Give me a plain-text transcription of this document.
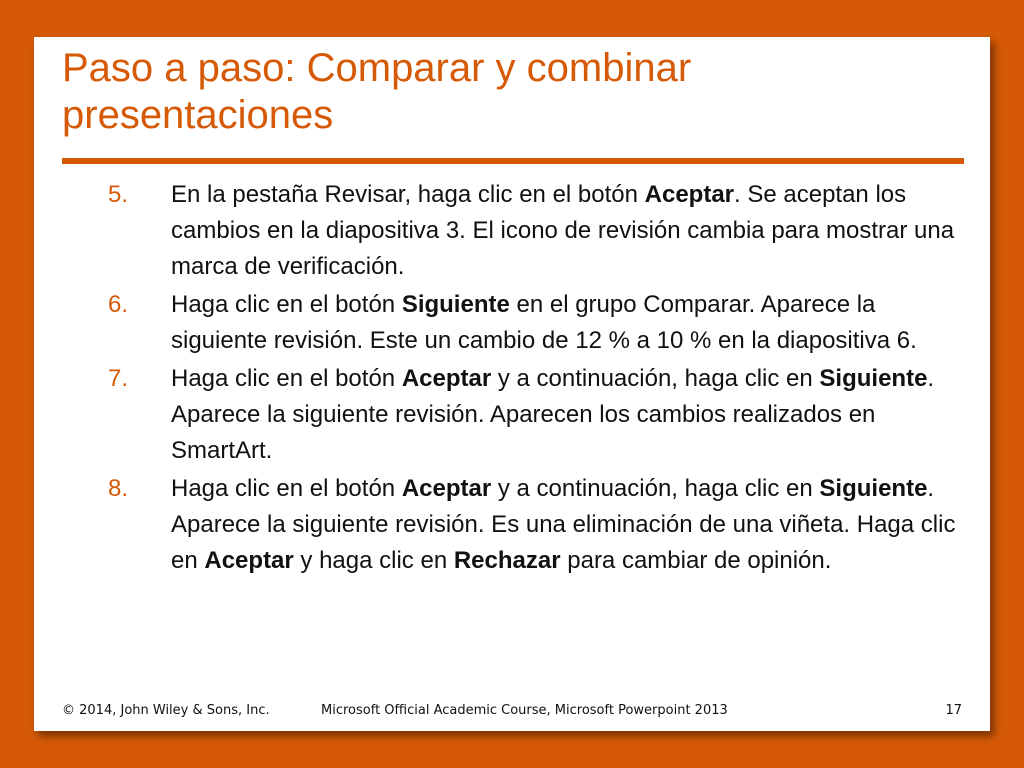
Paso a paso: Comparar y combinar presentaciones
5. En la pestaña Revisar, haga clic en el botón Aceptar. Se aceptan los cambios en la diapositiva 3. El icono de revisión cambia para mostrar una marca de verificación.
6. Haga clic en el botón Siguiente en el grupo Comparar. Aparece la siguiente revisión. Este un cambio de 12 % a 10 % en la diapositiva 6.
7. Haga clic en el botón Aceptar y a continuación, haga clic en Siguiente. Aparece la siguiente revisión. Aparecen los cambios realizados en SmartArt.
8. Haga clic en el botón Aceptar y a continuación, haga clic en Siguiente. Aparece la siguiente revisión. Es una eliminación de una viñeta. Haga clic en Aceptar y haga clic en Rechazar para cambiar de opinión.
© 2014, John Wiley & Sons, Inc.	Microsoft Official Academic Course, Microsoft Powerpoint 2013	17
